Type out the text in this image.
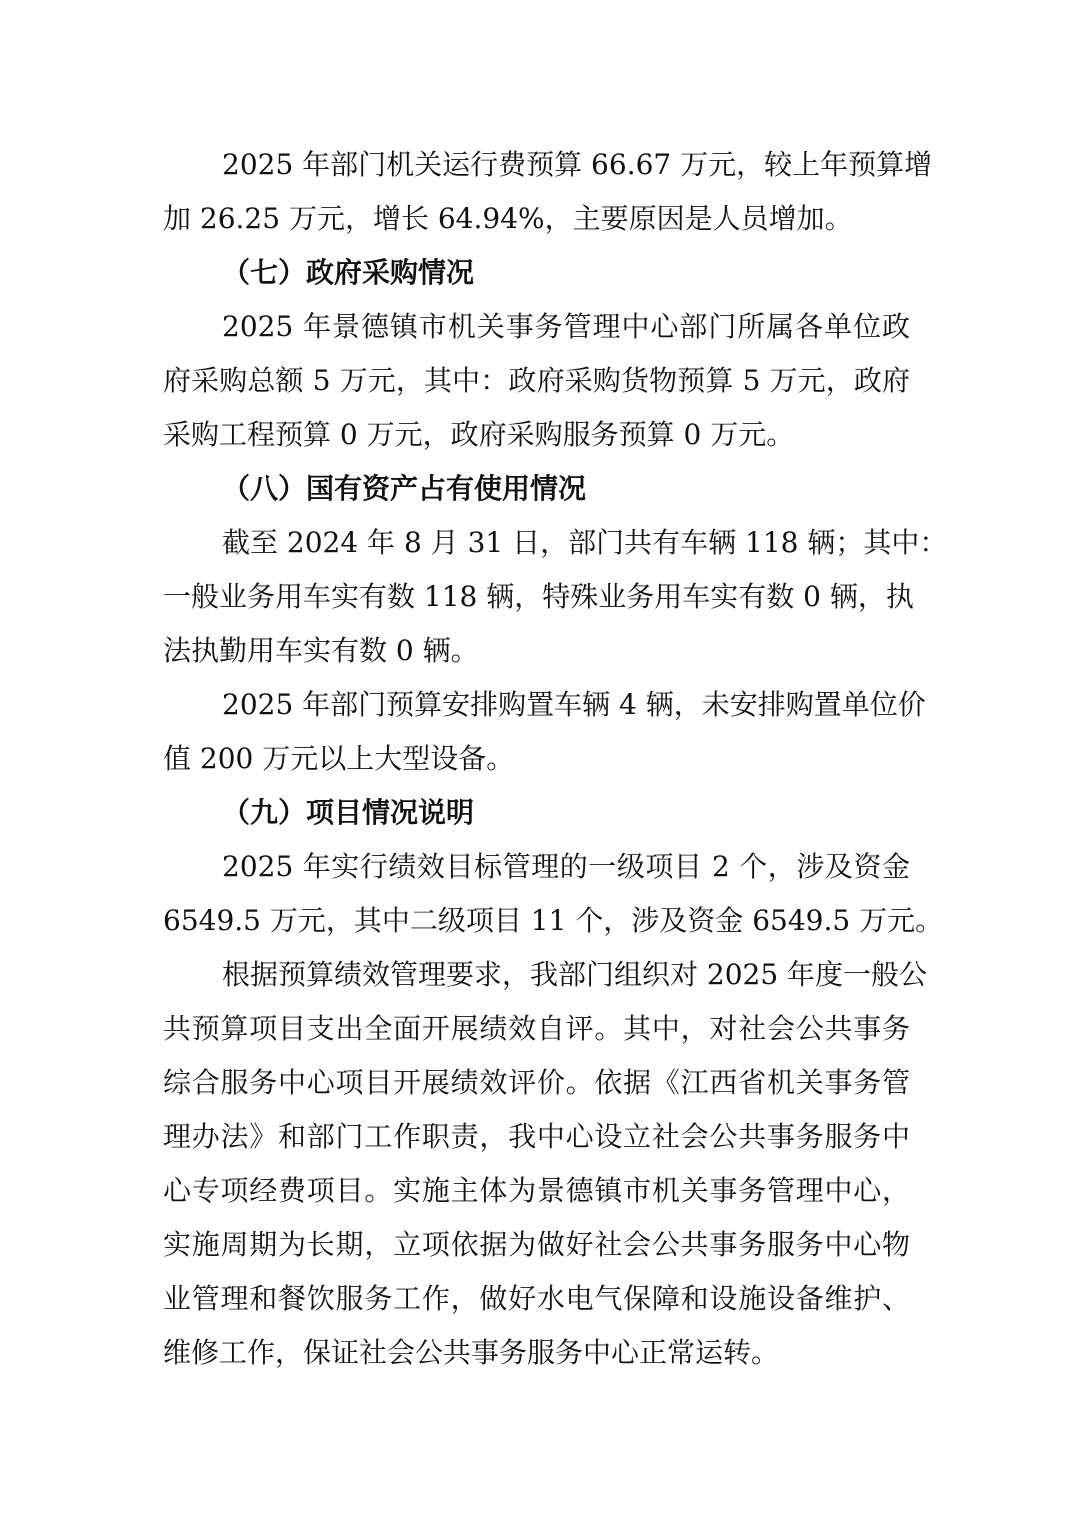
2025 年部门机关运行费预算 66.67 万元，较上年预算增
加 26.25 万元，增长 64.94%，主要原因是人员增加。
（七）政府采购情况
2025 年景德镇市机关事务管理中心部门所属各单位政
府采购总额 5 万元，其中：政府采购货物预算 5 万元，政府
采购工程预算 0 万元，政府采购服务预算 0 万元。
（八）国有资产占有使用情况
截至 2024 年 8 月 31 日，部门共有车辆 118 辆；其中：
一般业务用车实有数 118 辆，特殊业务用车实有数 0 辆，执
法执勤用车实有数 0 辆。
2025 年部门预算安排购置车辆 4 辆，未安排购置单位价
值 200 万元以上大型设备。
（九）项目情况说明
2025 年实行绩效目标管理的一级项目 2 个，涉及资金
6549.5 万元，其中二级项目 11 个，涉及资金 6549.5 万元。
根据预算绩效管理要求，我部门组织对 2025 年度一般公
共预算项目支出全面开展绩效自评。其中，对社会公共事务
综合服务中心项目开展绩效评价。依据《江西省机关事务管
理办法》和部门工作职责，我中心设立社会公共事务服务中
心专项经费项目。实施主体为景德镇市机关事务管理中心，
实施周期为长期，立项依据为做好社会公共事务服务中心物
业管理和餐饮服务工作，做好水电气保障和设施设备维护、
维修工作，保证社会公共事务服务中心正常运转。
